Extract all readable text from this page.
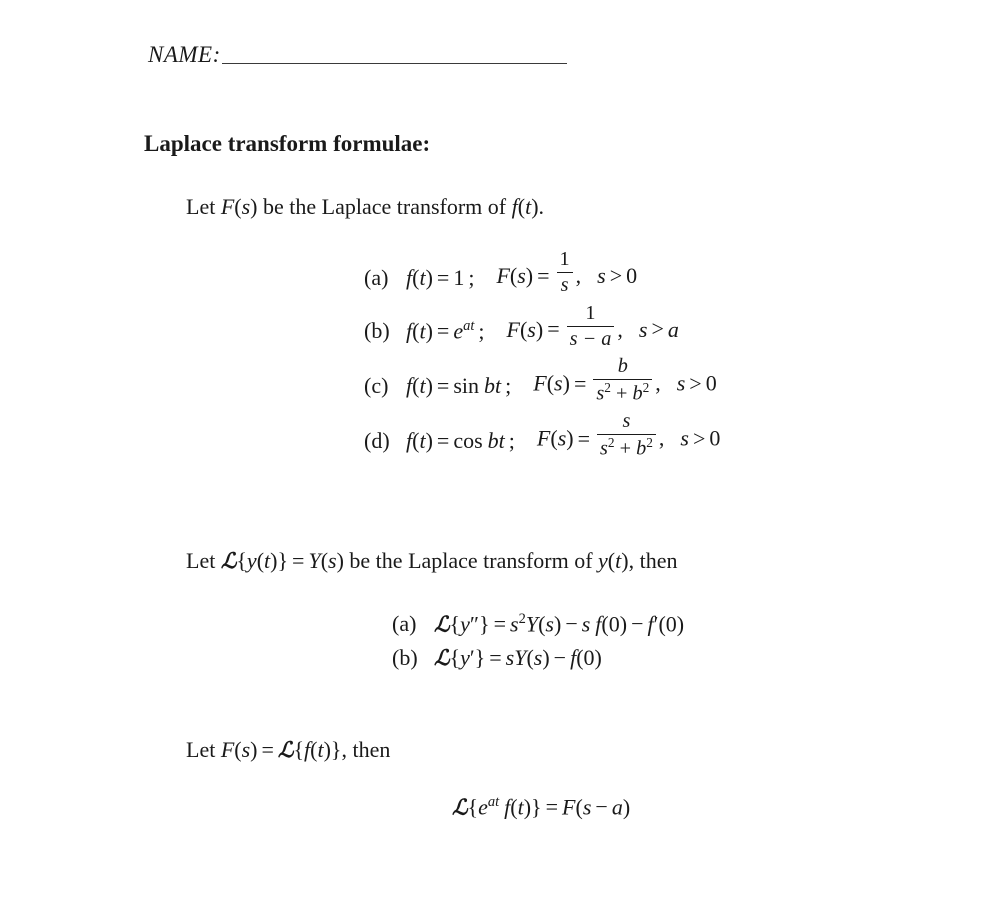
NAME:
Laplace transform formulae:
Let F(s) be the Laplace transform of f(t).
(a) f(t) = 1 ; $F(s) = \frac{1}{s}$ , s > 0
(b) $f(t) = e^{at}$ ; $F(s) = \frac{1}{s - a}$ , s > a
(c) f(t) = sin bt ; $F(s) = \frac{b}{s^2 + b^2}$ , s > 0
(d) f(t) = cos bt ; $F(s) = \frac{s}{s^2 + b^2}$ , s > 0
Let ℒ{y(t)} = Y(s) be the Laplace transform of y(t), then
(a) ℒ{y″} = $s^2Y(s) - s$ f(0) − f′(0)
(b) ℒ{y′} = sY(s) − f(0)
Let F(s) = ℒ{f(t)}, then
$ℒ\{e^{at}$ f(t)} = F(s − a)
